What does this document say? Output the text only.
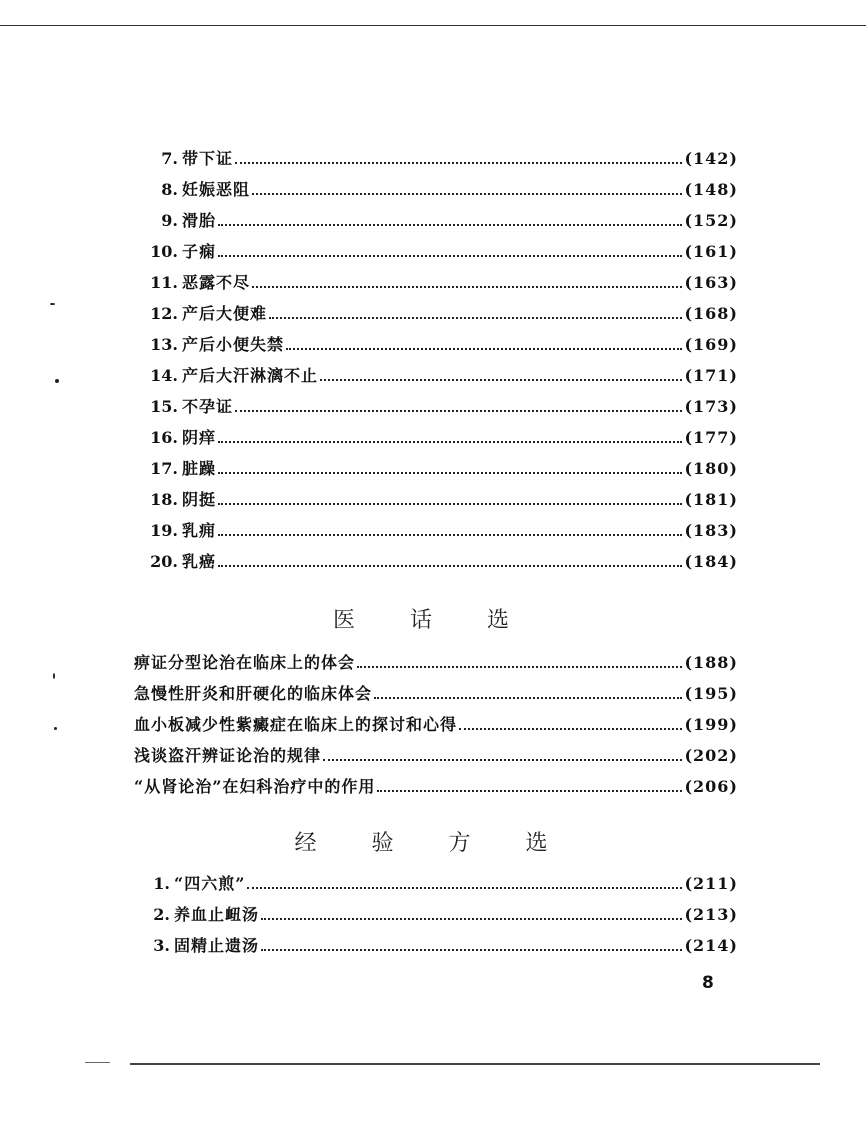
7. 带下证	(142)
8. 妊娠恶阻	(148)
9. 滑胎	(152)
10. 子痫	(161)
11. 恶露不尽	(163)
12. 产后大便难	(168)
13. 产后小便失禁	(169)
14. 产后大汗淋漓不止	(171)
15. 不孕证	(173)
16. 阴痒	(177)
17. 脏躁	(180)
18. 阴挺	(181)
19. 乳痈	(183)
20. 乳癌	(184)
医 话 选
痹证分型论治在临床上的体会	(188)
急慢性肝炎和肝硬化的临床体会	(195)
血小板减少性紫癜症在临床上的探讨和心得	(199)
浅谈盗汗辨证论治的规律	(202)
“从肾论治”在妇科治疗中的作用	(206)
经 验 方 选
1. “四六煎”	(211)
2. 养血止衄汤	(213)
3. 固精止遗汤	(214)
8
